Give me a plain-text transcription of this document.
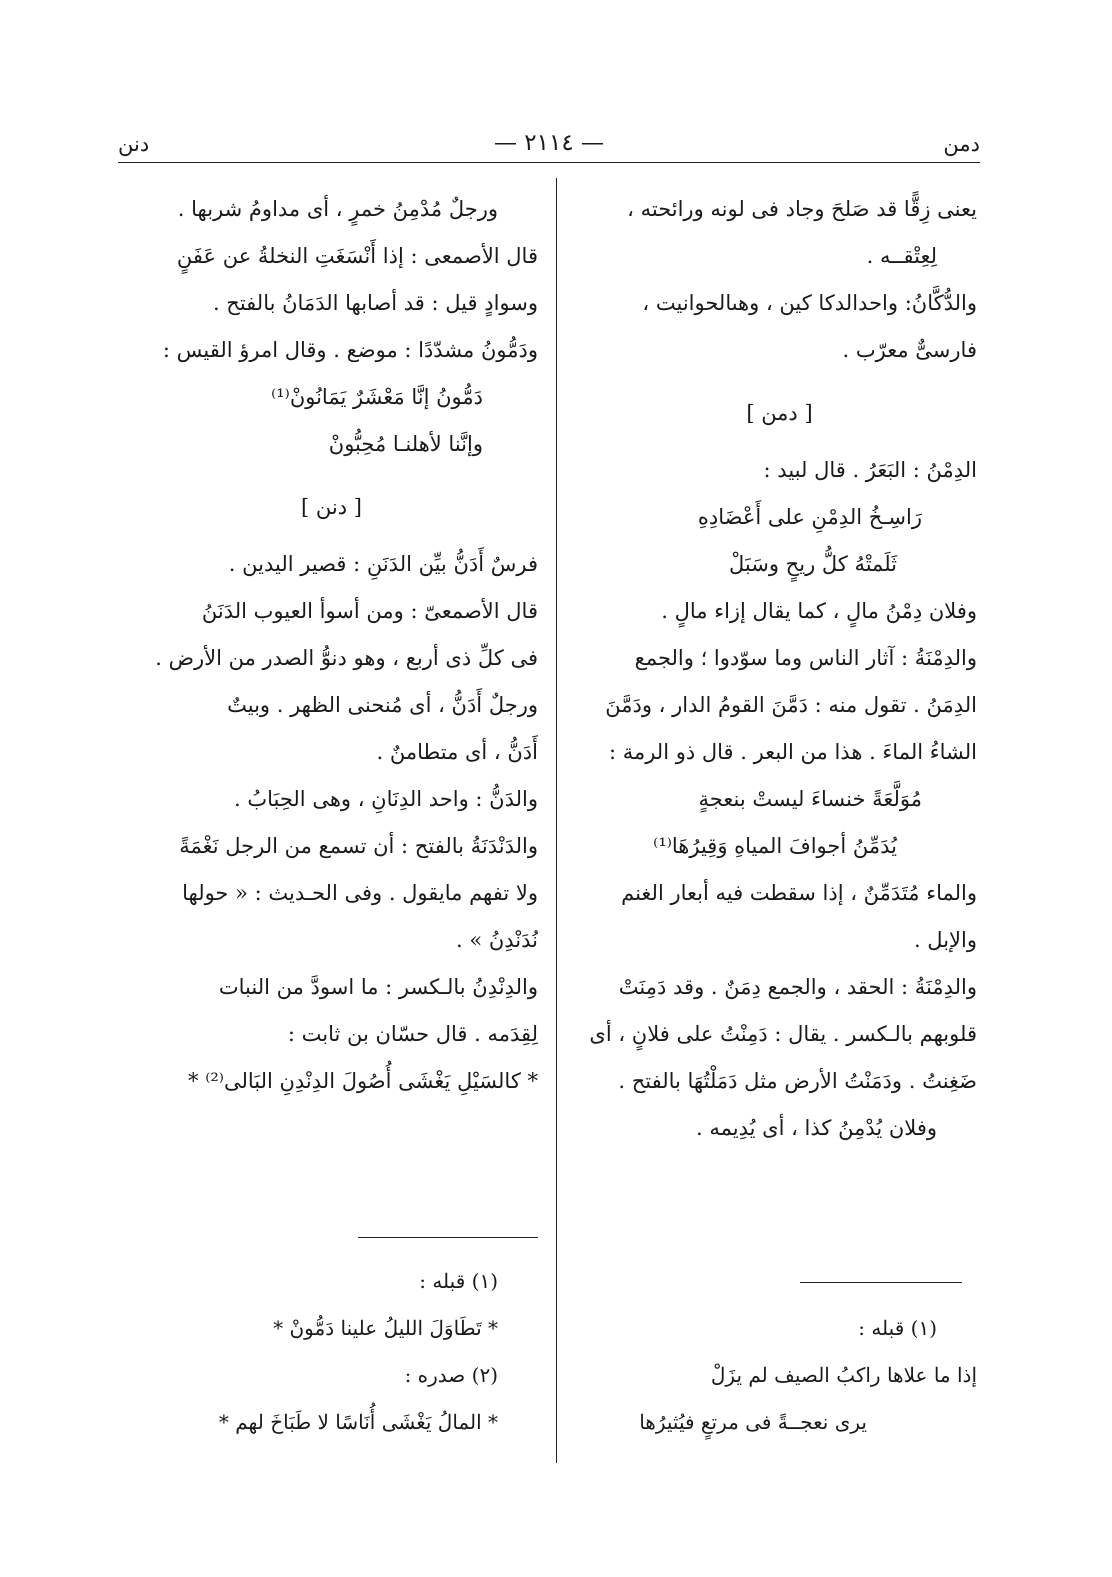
دمن
— ٢١١٤ —
دنن
يعنى زِقًّا قد صَلحَ وجاد فى لونه ورائحته ،
لِعِتْقــه .
والدُّكَّانُ: واحدالدكا كين ، وهىالحوانيت ،
فارسىٌّ معرّب .
[ دمن ]
الدِمْنُ : البَعَرُ . قال لبيد :
رَاسِـخُ الدِمْنِ على أَعْضَادِهِ
ثَلَمتْهُ كلُّ ريحٍ وسَبَلْ
وفلان دِمْنُ مالٍ ، كما يقال إزاء مالٍ .
والدِمْنَةُ : آثار الناس وما سوّدوا ؛ والجمع
الدِمَنُ . تقول منه : دَمَّنَ القومُ الدار ، ودَمَّنَ
الشاءُ الماءَ . هذا من البعر . قال ذو الرمة :
مُوَلَّعَةً خنساءَ ليستْ بنعجةٍ
يُدَمِّنُ أجوافَ المياهِ وَقِيرُهَا⁽¹⁾
والماء مُتَدَمِّنٌ ، إذا سقطت فيه أبعار الغنم
والإبل .
والدِمْنَةُ : الحقد ، والجمع دِمَنٌ . وقد دَمِنَتْ
قلوبهم بالـكسر . يقال : دَمِنْتُ على فلانٍ ، أى
ضَغِنتُ . ودَمَنْتُ الأرض مثل دَمَلْتُهَا بالفتح .
وفلان يُدْمِنُ كذا ، أى يُدِيمه .
(١) قبله :
إذا ما علاها راكبُ الصيف لم يزَلْ
يرى نعجــةً فى مرتعٍ فيُثيرُها
ورجلٌ مُدْمِنُ خمرٍ ، أى مداومُ شربها .
قال الأصمعى : إذا أَنْسَغَتِ النخلةُ عن عَفَنٍ
وسوادٍ قيل : قد أصابها الدَمَانُ بالفتح .
ودَمُّونُ مشدّدًا : موضع . وقال امرؤ القيس :
دَمُّونُ إنَّا مَعْشَرٌ يَمَانُونْ⁽¹⁾
وإنَّنا لأهلنـا مُحِبُّونْ
[ دنن ]
فرسٌ أَدَنُّ بيِّن الدَنَنِ : قصير اليدين .
قال الأصمعىّ : ومن أسوأ العيوب الدَنَنُ
فى كلِّ ذى أربع ، وهو دنوُّ الصدر من الأرض .
ورجلٌ أَدَنُّ ، أى مُنحنى الظهر . وبيتٌ
أَدَنُّ ، أى متطامنٌ .
والدَنُّ : واحد الدِنَانِ ، وهى الحِبَابُ .
والدَنْدَنَةُ بالفتح : أن تسمع من الرجل نَغْمَةً
ولا تفهم مايقول . وفى الحـديث : « حولها
نُدَنْدِنُ » .
والدِنْدِنُ بالـكسر : ما اسودَّ من النبات
لِقِدَمه . قال حسّان بن ثابت :
* كالسَيْلِ يَغْشَى أُصُولَ الدِنْدِنِ البَالى⁽²⁾ *
(١) قبله :
* تَطَاوَلَ الليلُ علينا دَمُّونْ *
(٢) صدره :
* المالُ يَغْشَى أُنَاسًا لا طَبَاخَ لهم *
